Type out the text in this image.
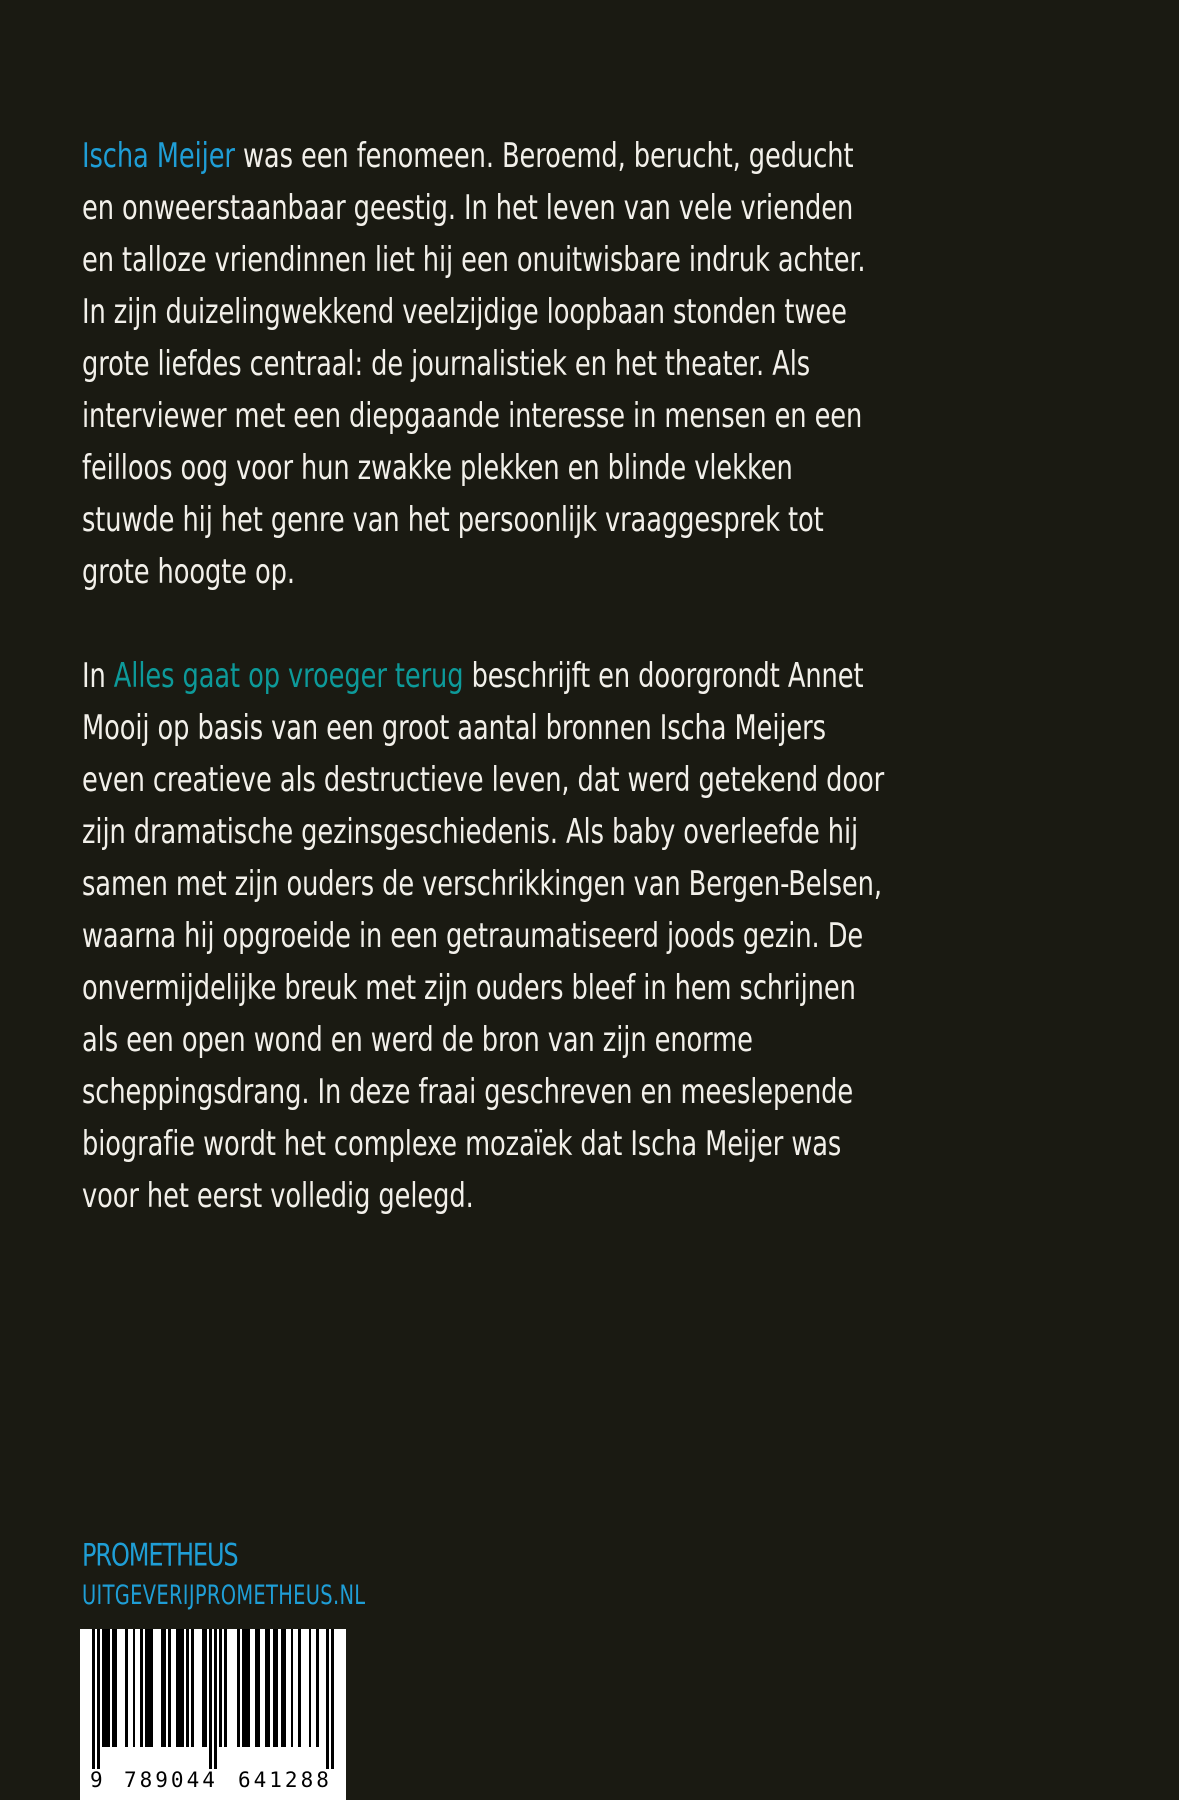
Ischa Meijer was een fenomeen. Beroemd, berucht, geducht en onweerstaanbaar geestig. In het leven van vele vrienden en talloze vriendinnen liet hij een onuitwisbare indruk achter. In zijn duizelingwekkend veelzijdige loopbaan stonden twee grote liefdes centraal: de journalistiek en het theater. Als interviewer met een diepgaande interesse in mensen en een feilloos oog voor hun zwakke plekken en blinde vlekken stuwde hij het genre van het persoonlijk vraaggesprek tot grote hoogte op.

In Alles gaat op vroeger terug beschrijft en doorgrondt Annet Mooij op basis van een groot aantal bronnen Ischa Meijers even creatieve als destructieve leven, dat werd getekend door zijn dramatische gezinsgeschiedenis. Als baby overleefde hij samen met zijn ouders de verschrikkingen van Bergen-Belsen, waarna hij opgroeide in een getraumatiseerd joods gezin. De onvermijdelijke breuk met zijn ouders bleef in hem schrijnen als een open wond en werd de bron van zijn enorme scheppingsdrang. In deze fraai geschreven en meeslepende biografie wordt het complexe mozaïek dat Ischa Meijer was voor het eerst volledig gelegd.

PROMETHEUS
UITGEVERIJPROMETHEUS.NL
9 789044 641288
